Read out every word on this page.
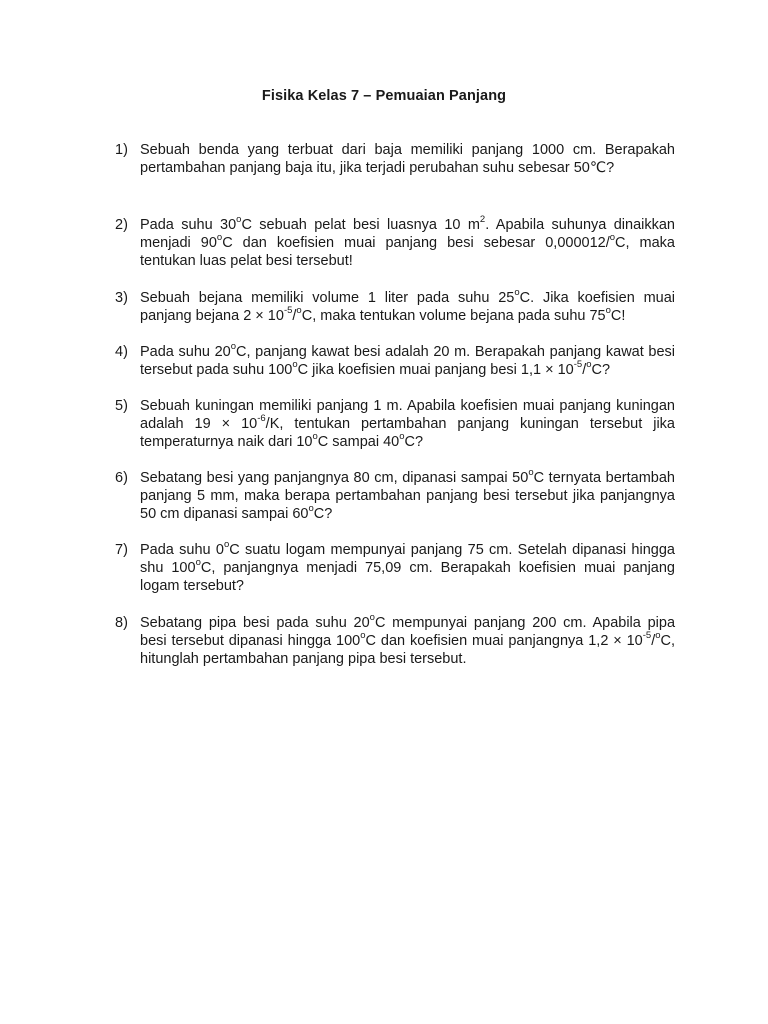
Fisika Kelas 7 – Pemuaian Panjang
1) Sebuah benda yang terbuat dari baja memiliki panjang 1000 cm. Berapakah pertambahan panjang baja itu, jika terjadi perubahan suhu sebesar 50℃?
2) Pada suhu 30$^o$C sebuah pelat besi luasnya 10 $m^2$. Apabila suhunya dinaikkan menjadi 90$^o$C dan koefisien muai panjang besi sebesar 0,000012/$^o$C, maka tentukan luas pelat besi tersebut!
3) Sebuah bejana memiliki volume 1 liter pada suhu 25$^o$C. Jika koefisien muai panjang bejana $2 \times 10^{-5}/^oC$, maka tentukan volume bejana pada suhu 75$^o$C!
4) Pada suhu 20$^o$C, panjang kawat besi adalah 20 m. Berapakah panjang kawat besi tersebut pada suhu 100$^o$C jika koefisien muai panjang besi $1,1 \times 10^{-5}/^oC$?
5) Sebuah kuningan memiliki panjang 1 m. Apabila koefisien muai panjang kuningan adalah $19 \times 10^{-6}/K$, tentukan pertambahan panjang kuningan tersebut jika temperaturnya naik dari 10$^o$C sampai 40$^o$C?
6) Sebatang besi yang panjangnya 80 cm, dipanasi sampai 50$^o$C ternyata bertambah panjang 5 mm, maka berapa pertambahan panjang besi tersebut jika panjangnya 50 cm dipanasi sampai 60$^o$C?
7) Pada suhu 0$^o$C suatu logam mempunyai panjang 75 cm. Setelah dipanasi hingga shu 100$^o$C, panjangnya menjadi 75,09 cm. Berapakah koefisien muai panjang logam tersebut?
8) Sebatang pipa besi pada suhu 20$^o$C mempunyai panjang 200 cm. Apabila pipa besi tersebut dipanasi hingga 100$^o$C dan koefisien muai panjangnya $1,2 \times 10^{-5}/^oC$, hitunglah pertambahan panjang pipa besi tersebut.
